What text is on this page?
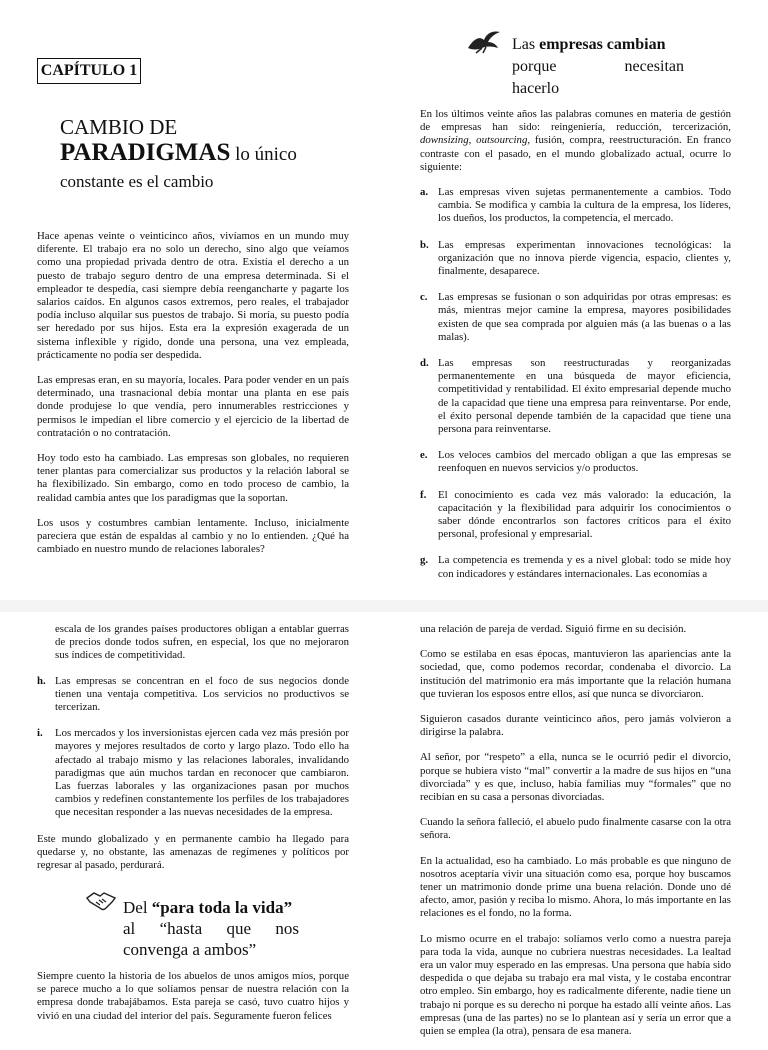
CAPÍTULO 1
CAMBIO DE
PARADIGMAS lo único
constante es el cambio

Hace apenas veinte o veinticinco años, vivíamos en un mundo muy diferente. El trabajo era no solo un derecho, sino algo que veíamos como una propiedad privada dentro de otra. Existía el derecho a un puesto de trabajo seguro dentro de una empresa determinada. Si el empleador te despedía, casi siempre debía reengancharte y pagarte los salarios caídos. En algunos casos extremos, pero reales, el trabajador podía incluso alquilar sus puestos de trabajo. Si moría, su puesto podía ser heredado por sus hijos. Esta era la expresión exagerada de un sistema inflexible y rígido, donde una persona, una vez empleada, prácticamente no podía ser despedida.

Las empresas eran, en su mayoría, locales. Para poder vender en un país determinado, una trasnacional debía montar una planta en ese país donde produjese lo que vendía, pero innumerables restricciones y permisos le impedían el libre comercio y el ejercicio de la libertad de contratación o no contratación.

Hoy todo esto ha cambiado. Las empresas son globales, no requieren tener plantas para comercializar sus productos y la relación laboral se ha flexibilizado. Sin embargo, como en todo proceso de cambio, la realidad cambia antes que los paradigmas que la soportan.

Los usos y costumbres cambian lentamente. Incluso, inicialmente pareciera que están de espaldas al cambio y no lo entienden. ¿Qué ha cambiado en nuestro mundo de relaciones laborales?

Las empresas cambian
porque necesitan
hacerlo

En los últimos veinte años las palabras comunes en materia de gestión de empresas han sido: reingeniería, reducción, tercerización, downsizing, outsourcing, fusión, compra, reestructuración. En franco contraste con el pasado, en el mundo globalizado actual, ocurre lo siguiente:

a. Las empresas viven sujetas permanentemente a cambios. Todo cambia. Se modifica y cambia la cultura de la empresa, los líderes, los dueños, los productos, la competencia, el mercado.
b. Las empresas experimentan innovaciones tecnológicas: la organización que no innova pierde vigencia, espacio, clientes y, finalmente, desaparece.
c. Las empresas se fusionan o son adquiridas por otras empresas: es más, mientras mejor camine la empresa, mayores posibilidades existen de que sea comprada por alguien más (a las buenas o a las malas).
d. Las empresas son reestructuradas y reorganizadas permanentemente en una búsqueda de mayor eficiencia, competitividad y rentabilidad. El éxito empresarial depende mucho de la capacidad que tiene una empresa para reinventarse. Por ende, el éxito personal depende también de la capacidad que tiene una persona para reinventarse.
e. Los veloces cambios del mercado obligan a que las empresas se reenfoquen en nuevos servicios y/o productos.
f. El conocimiento es cada vez más valorado: la educación, la capacitación y la flexibilidad para adquirir los conocimientos o saber dónde encontrarlos son factores críticos para el éxito personal, profesional y empresarial.
g. La competencia es tremenda y es a nivel global: todo se mide hoy con indicadores y estándares internacionales. Las economías a

escala de los grandes países productores obligan a entablar guerras de precios donde todos sufren, en especial, los que no mejoraron sus índices de competitividad.

h. Las empresas se concentran en el foco de sus negocios donde tienen una ventaja competitiva. Los servicios no productivos se tercerizan.
i. Los mercados y los inversionistas ejercen cada vez más presión por mayores y mejores resultados de corto y largo plazo. Todo ello ha afectado al trabajo mismo y las relaciones laborales, invalidando paradigmas que aún muchos tardan en reconocer que cambiaron. Las fuerzas laborales y las organizaciones pasan por muchos cambios y redefinen constantemente los perfiles de los trabajadores que necesitan responder a las nuevas necesidades de la empresa.

Este mundo globalizado y en permanente cambio ha llegado para quedarse y, no obstante, las amenazas de regímenes y políticos por regresar al pasado, perdurará.

Del “para toda la vida”
al “hasta que nos
convenga a ambos”

Siempre cuento la historia de los abuelos de unos amigos míos, porque se parece mucho a lo que solíamos pensar de nuestra relación con la empresa donde trabajábamos. Esta pareja se casó, tuvo cuatro hijos y vivió en una ciudad del interior del país. Seguramente fueron felices

una relación de pareja de verdad. Siguió firme en su decisión.

Como se estilaba en esas épocas, mantuvieron las apariencias ante la sociedad, que, como podemos recordar, condenaba el divorcio. La institución del matrimonio era más importante que la relación humana que tuvieran los esposos entre ellos, así que nunca se divorciaron.

Siguieron casados durante veinticinco años, pero jamás volvieron a dirigirse la palabra.

Al señor, por “respeto” a ella, nunca se le ocurrió pedir el divorcio, porque se hubiera visto “mal” convertir a la madre de sus hijos en “una divorciada” y es que, incluso, había familias muy “formales” que no recibían en su casa a personas divorciadas.

Cuando la señora falleció, el abuelo pudo finalmente casarse con la otra señora.

En la actualidad, eso ha cambiado. Lo más probable es que ninguno de nosotros aceptaría vivir una situación como esa, porque hoy buscamos tener un matrimonio donde prime una buena relación. Donde uno dé afecto, amor, pasión y reciba lo mismo. Ahora, lo más importante en las relaciones es el fondo, no la forma.

Lo mismo ocurre en el trabajo: solíamos verlo como a nuestra pareja para toda la vida, aunque no cubriera nuestras necesidades. La lealtad era un valor muy esperado en las empresas. Una persona que había sido despedida o que dejaba su trabajo era mal vista, y le costaba encontrar otro empleo. Sin embargo, hoy es radicalmente diferente, nadie tiene un trabajo ni porque es su derecho ni porque ha estado allí veinte años. Las empresas (una de las partes) no se lo plantean así y sería un error que a quien se emplea (la otra), pensara de esa manera.
